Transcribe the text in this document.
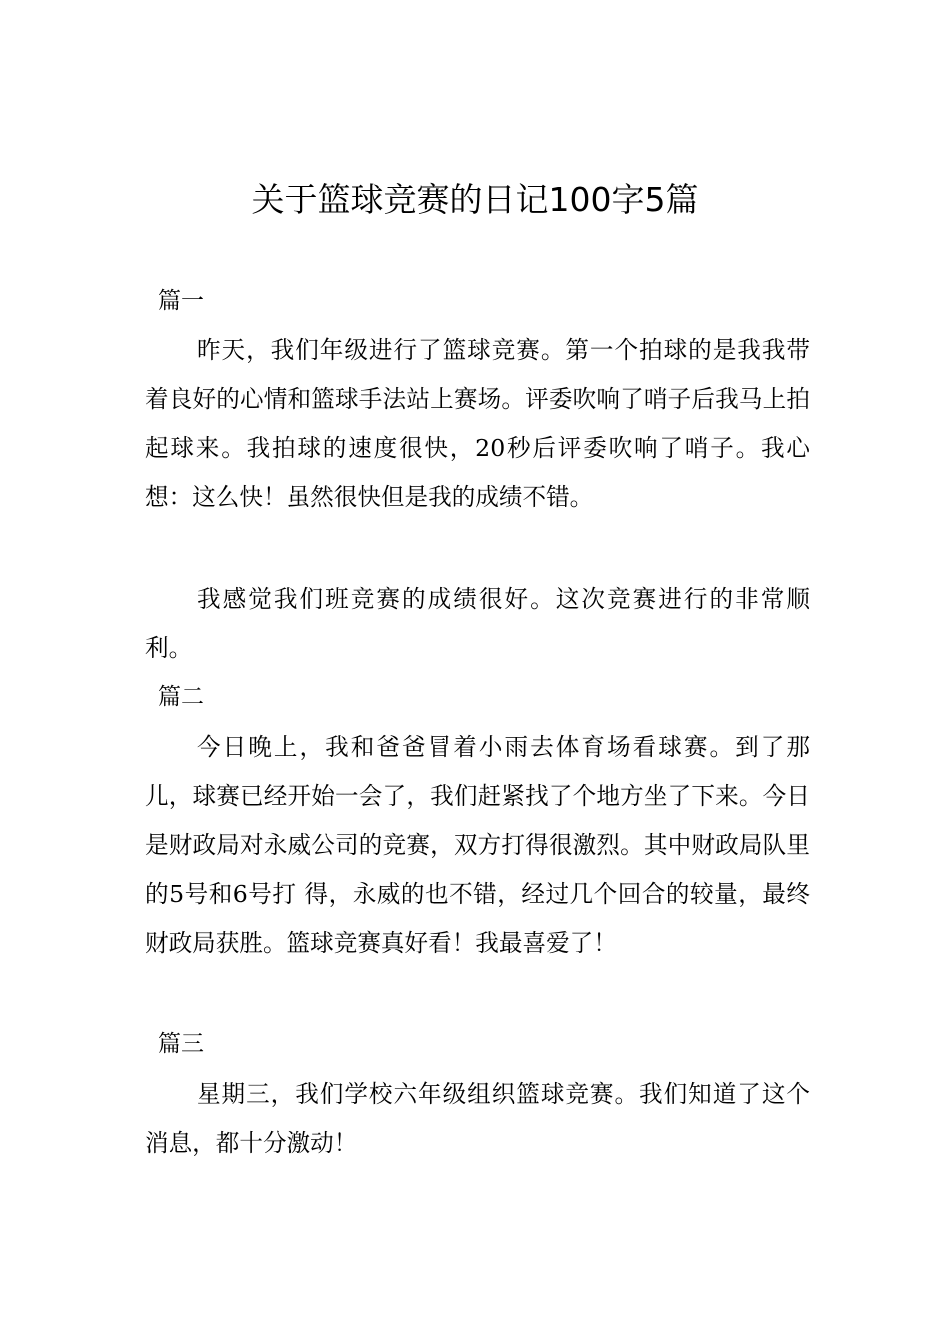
关于篮球竞赛的日记100字5篇
篇一

昨天，我们年级进行了篮球竞赛。第一个拍球的是我我带着良好的心情和篮球手法站上赛场。评委吹响了哨子后我马上拍起球来。我拍球的速度很快，20秒后评委吹响了哨子。我心想：这么快！虽然很快但是我的成绩不错。

我感觉我们班竞赛的成绩很好。这次竞赛进行的非常顺利。

篇二

今日晚上，我和爸爸冒着小雨去体育场看球赛。到了那儿，球赛已经开始一会了，我们赶紧找了个地方坐了下来。今日是财政局对永威公司的竞赛，双方打得很激烈。其中财政局队里的5号和6号打 得，永威的也不错，经过几个回合的较量，最终财政局获胜。篮球竞赛真好看！我最喜爱了！

篇三

星期三，我们学校六年级组织篮球竞赛。我们知道了这个消息，都十分激动！
